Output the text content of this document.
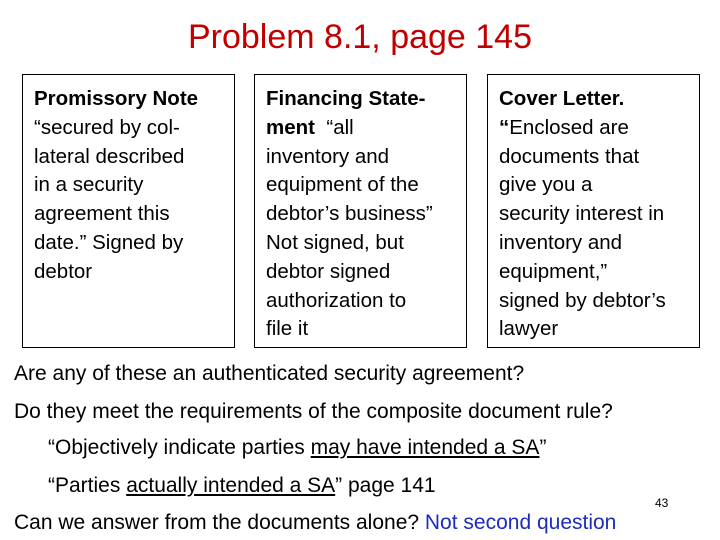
Problem 8.1, page 145
Promissory Note
“secured by col-
lateral described
in a security
agreement this
date.” Signed by
debtor
Financing State-
ment “all
inventory and
equipment of the
debtor’s business”
Not signed, but
debtor signed
authorization to
file it
Cover Letter.
“Enclosed are
documents that
give you a
security interest in
inventory and
equipment,”
signed by debtor’s
lawyer
Are any of these an authenticated security agreement?
Do they meet the requirements of the composite document rule?
“Objectively indicate parties may have intended a SA”
“Parties actually intended a SA” page 141
Can we answer from the documents alone? Not second question
43
